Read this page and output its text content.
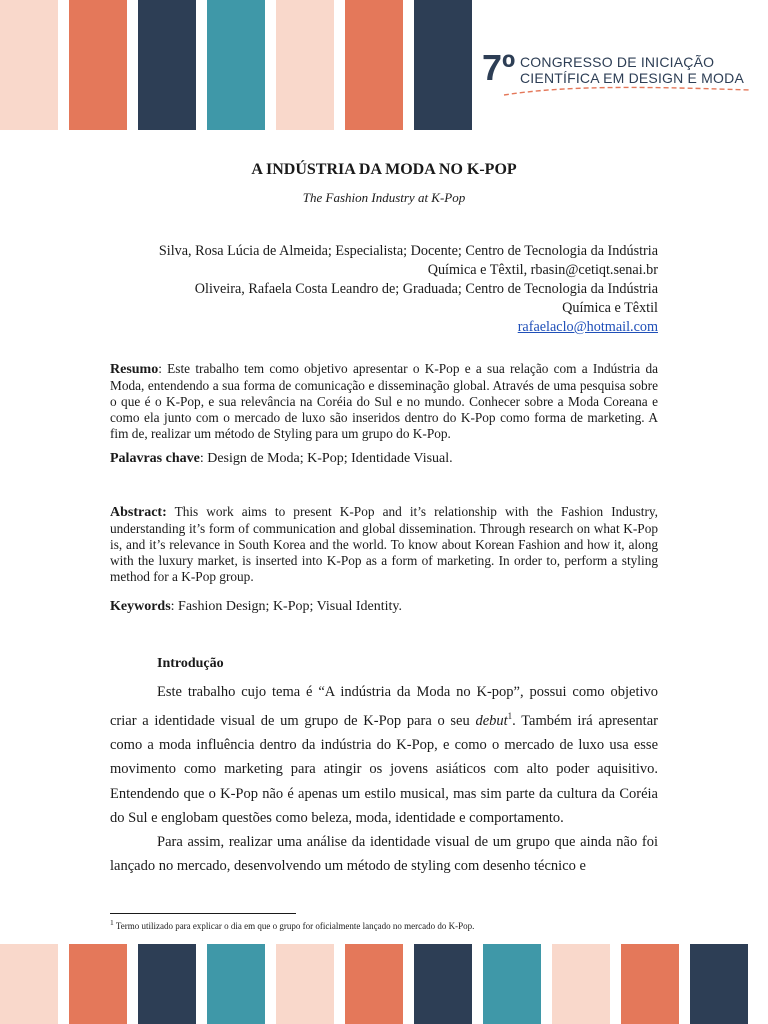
7º CONGRESSO DE INICIAÇÃO
CIENTÍFICA EM DESIGN E MODA
A INDÚSTRIA DA MODA NO K-POP
The Fashion Industry at K-Pop
Silva, Rosa Lúcia de Almeida; Especialista; Docente; Centro de Tecnologia da Indústria
Química e Têxtil, rbasin@cetiqt.senai.br
Oliveira, Rafaela Costa Leandro de; Graduada; Centro de Tecnologia da Indústria
Química e Têxtil
rafaelaclo@hotmail.com
Resumo: Este trabalho tem como objetivo apresentar o K-Pop e a sua relação com a Indústria da Moda, entendendo a sua forma de comunicação e disseminação global. Através de uma pesquisa sobre o que é o K-Pop, e sua relevância na Coréia do Sul e no mundo. Conhecer sobre a Moda Coreana e como ela junto com o mercado de luxo são inseridos dentro do K-Pop como forma de marketing. A fim de, realizar um método de Styling para um grupo do K-Pop.
Palavras chave: Design de Moda; K-Pop; Identidade Visual.
Abstract: This work aims to present K-Pop and it’s relationship with the Fashion Industry, understanding it’s form of communication and global dissemination. Through research on what K-Pop is, and it’s relevance in South Korea and the world. To know about Korean Fashion and how it, along with the luxury market, is inserted into K-Pop as a form of marketing. In order to, perform a styling method for a K-Pop group.
Keywords: Fashion Design; K-Pop; Visual Identity.
Introdução

Este trabalho cujo tema é “A indústria da Moda no K-pop”, possui como objetivo criar a identidade visual de um grupo de K-Pop para o seu debut$^1$. Também irá apresentar como a moda influência dentro da indústria do K-Pop, e como o mercado de luxo usa esse movimento como marketing para atingir os jovens asiáticos com alto poder aquisitivo. Entendendo que o K-Pop não é apenas um estilo musical, mas sim parte da cultura da Coréia do Sul e englobam questões como beleza, moda, identidade e comportamento.

Para assim, realizar uma análise da identidade visual de um grupo que ainda não foi lançado no mercado, desenvolvendo um método de styling com desenho técnico e

$^1$ Termo utilizado para explicar o dia em que o grupo for oficialmente lançado no mercado do K-Pop.
